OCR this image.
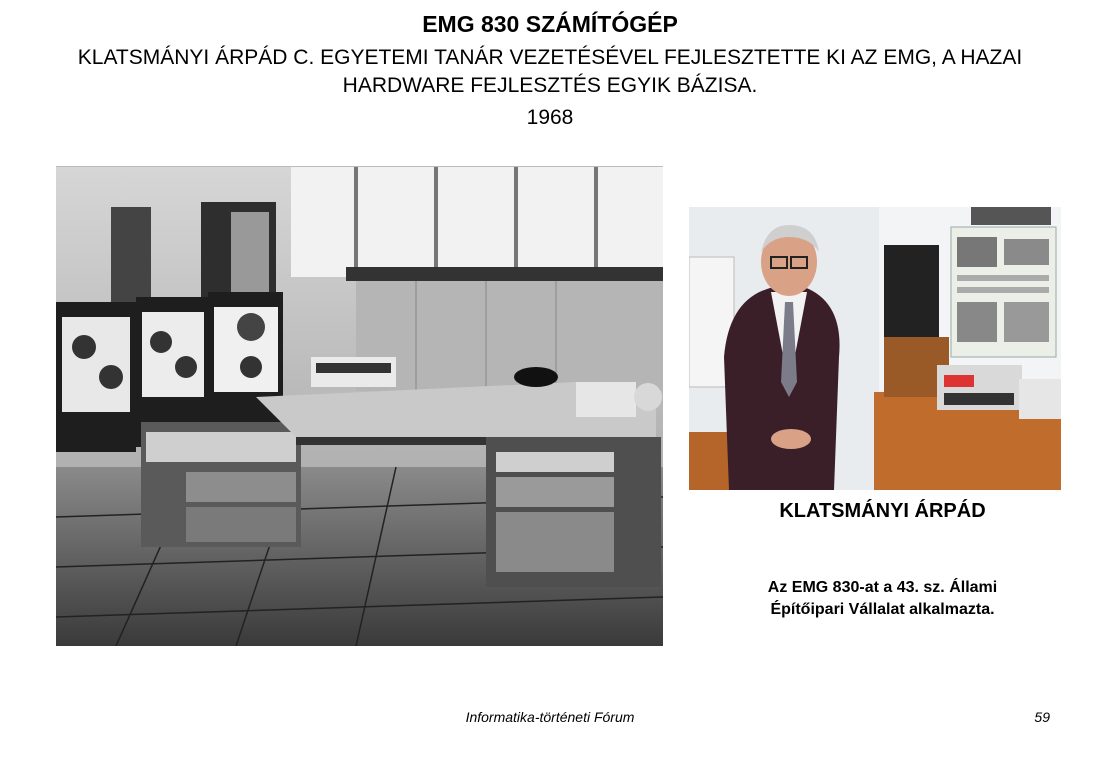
EMG 830 SZÁMÍTÓGÉP
KLATSMÁNYI ÁRPÁD C. EGYETEMI TANÁR VEZETÉSÉVEL FEJLESZTETTE KI AZ EMG, A HAZAI HARDWARE FEJLESZTÉS EGYIK BÁZISA.
1968
KLATSMÁNYI ÁRPÁD
Az EMG 830-at a 43. sz. Állami
Építőipari Vállalat alkalmazta.
Informatika-történeti Fórum	59
